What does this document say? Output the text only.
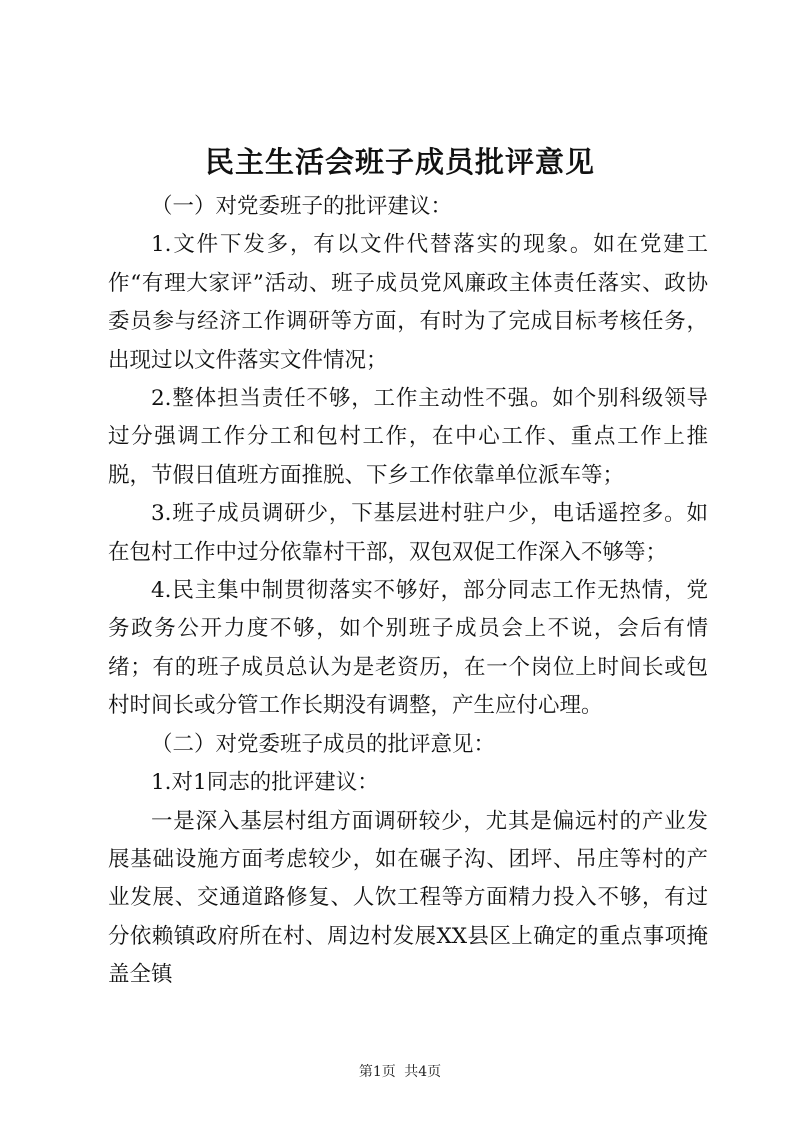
民主生活会班子成员批评意见

（一）对党委班子的批评建议：

1.文件下发多，有以文件代替落实的现象。如在党建工作“有理大家评”活动、班子成员党风廉政主体责任落实、政协委员参与经济工作调研等方面，有时为了完成目标考核任务，出现过以文件落实文件情况；

2.整体担当责任不够，工作主动性不强。如个别科级领导过分强调工作分工和包村工作，在中心工作、重点工作上推脱，节假日值班方面推脱、下乡工作依靠单位派车等；

3.班子成员调研少，下基层进村驻户少，电话遥控多。如在包村工作中过分依靠村干部，双包双促工作深入不够等；

4.民主集中制贯彻落实不够好，部分同志工作无热情，党务政务公开力度不够，如个别班子成员会上不说，会后有情绪；有的班子成员总认为是老资历，在一个岗位上时间长或包村时间长或分管工作长期没有调整，产生应付心理。

（二）对党委班子成员的批评意见：

1.对1同志的批评建议：

一是深入基层村组方面调研较少，尤其是偏远村的产业发展基础设施方面考虑较少，如在碾子沟、团坪、吊庄等村的产业发展、交通道路修复、人饮工程等方面精力投入不够，有过分依赖镇政府所在村、周边村发展XX县区上确定的重点事项掩盖全镇

第1页 共4页
